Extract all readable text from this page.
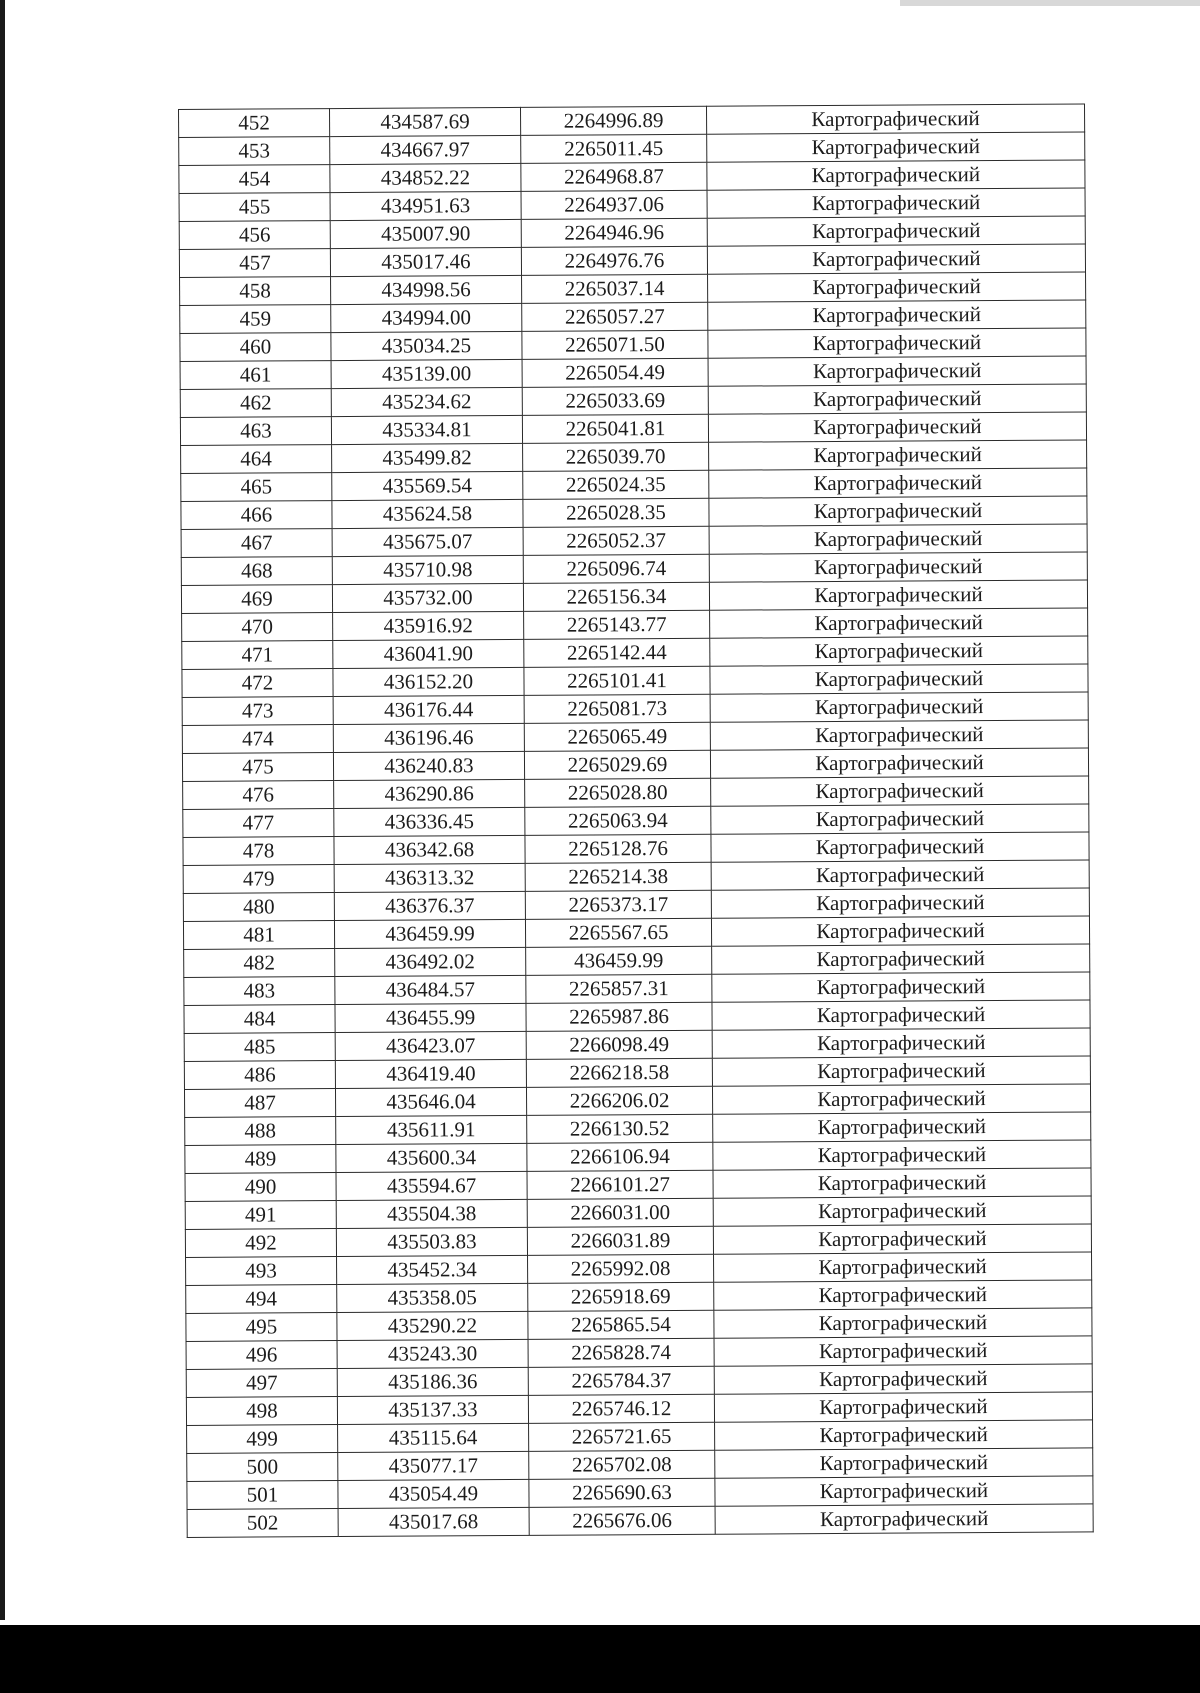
452	434587.69	2264996.89	Картографический
453	434667.97	2265011.45	Картографический
454	434852.22	2264968.87	Картографический
455	434951.63	2264937.06	Картографический
456	435007.90	2264946.96	Картографический
457	435017.46	2264976.76	Картографический
458	434998.56	2265037.14	Картографический
459	434994.00	2265057.27	Картографический
460	435034.25	2265071.50	Картографический
461	435139.00	2265054.49	Картографический
462	435234.62	2265033.69	Картографический
463	435334.81	2265041.81	Картографический
464	435499.82	2265039.70	Картографический
465	435569.54	2265024.35	Картографический
466	435624.58	2265028.35	Картографический
467	435675.07	2265052.37	Картографический
468	435710.98	2265096.74	Картографический
469	435732.00	2265156.34	Картографический
470	435916.92	2265143.77	Картографический
471	436041.90	2265142.44	Картографический
472	436152.20	2265101.41	Картографический
473	436176.44	2265081.73	Картографический
474	436196.46	2265065.49	Картографический
475	436240.83	2265029.69	Картографический
476	436290.86	2265028.80	Картографический
477	436336.45	2265063.94	Картографический
478	436342.68	2265128.76	Картографический
479	436313.32	2265214.38	Картографический
480	436376.37	2265373.17	Картографический
481	436459.99	2265567.65	Картографический
482	436492.02	436459.99	Картографический
483	436484.57	2265857.31	Картографический
484	436455.99	2265987.86	Картографический
485	436423.07	2266098.49	Картографический
486	436419.40	2266218.58	Картографический
487	435646.04	2266206.02	Картографический
488	435611.91	2266130.52	Картографический
489	435600.34	2266106.94	Картографический
490	435594.67	2266101.27	Картографический
491	435504.38	2266031.00	Картографический
492	435503.83	2266031.89	Картографический
493	435452.34	2265992.08	Картографический
494	435358.05	2265918.69	Картографический
495	435290.22	2265865.54	Картографический
496	435243.30	2265828.74	Картографический
497	435186.36	2265784.37	Картографический
498	435137.33	2265746.12	Картографический
499	435115.64	2265721.65	Картографический
500	435077.17	2265702.08	Картографический
501	435054.49	2265690.63	Картографический
502	435017.68	2265676.06	Картографический
